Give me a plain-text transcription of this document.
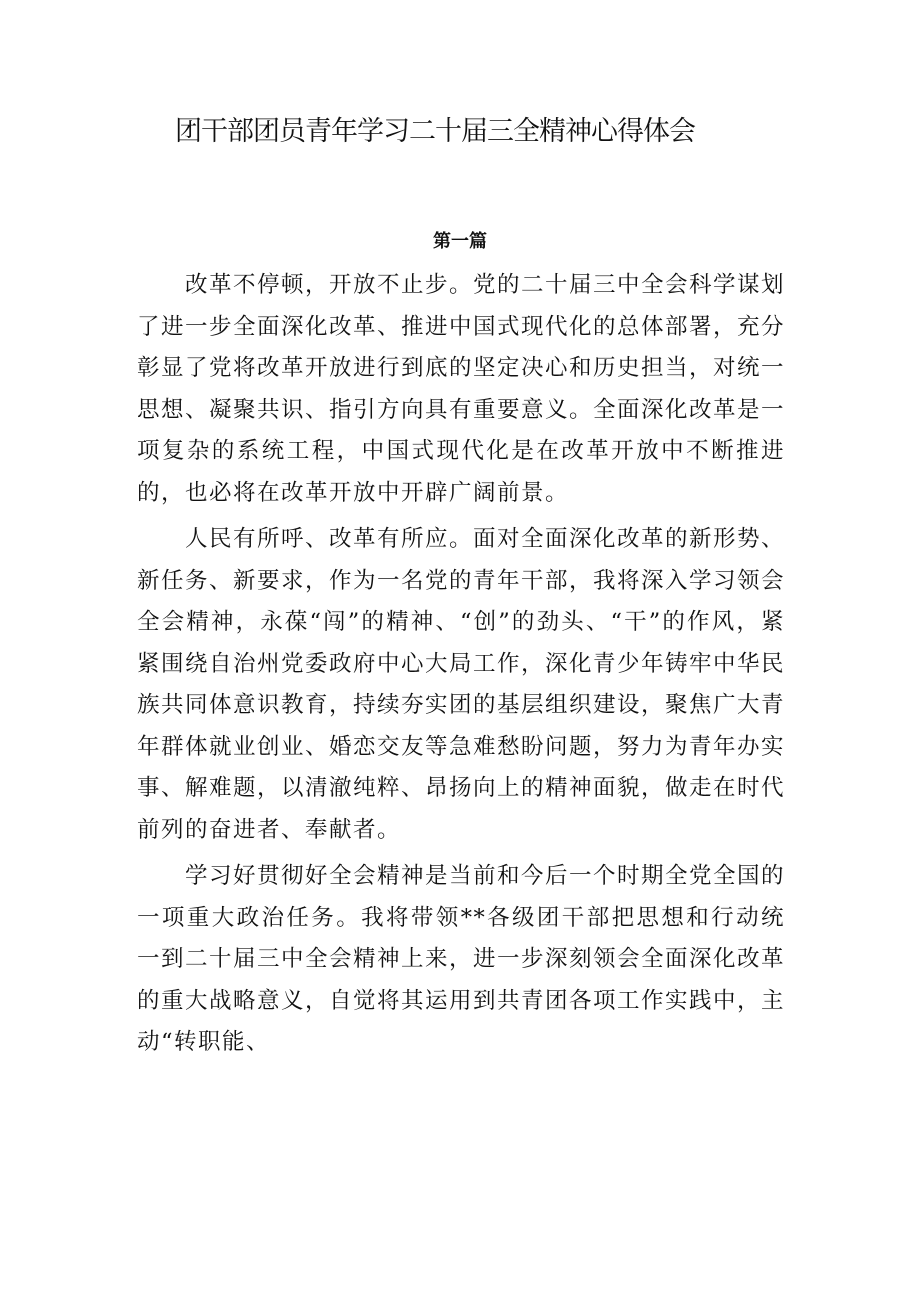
团干部团员青年学习二十届三全精神心得体会
第一篇

改革不停顿，开放不止步。党的二十届三中全会科学谋划了进一步全面深化改革、推进中国式现代化的总体部署，充分彰显了党将改革开放进行到底的坚定决心和历史担当，对统一思想、凝聚共识、指引方向具有重要意义。全面深化改革是一项复杂的系统工程，中国式现代化是在改革开放中不断推进的，也必将在改革开放中开辟广阔前景。

人民有所呼、改革有所应。面对全面深化改革的新形势、新任务、新要求，作为一名党的青年干部，我将深入学习领会全会精神，永葆“闯”的精神、“创”的劲头、“干”的作风，紧紧围绕自治州党委政府中心大局工作，深化青少年铸牢中华民族共同体意识教育，持续夯实团的基层组织建设，聚焦广大青年群体就业创业、婚恋交友等急难愁盼问题，努力为青年办实事、解难题，以清澈纯粹、昂扬向上的精神面貌，做走在时代前列的奋进者、奉献者。

学习好贯彻好全会精神是当前和今后一个时期全党全国的一项重大政治任务。我将带领**各级团干部把思想和行动统一到二十届三中全会精神上来，进一步深刻领会全面深化改革的重大战略意义，自觉将其运用到共青团各项工作实践中，主动“转职能、
